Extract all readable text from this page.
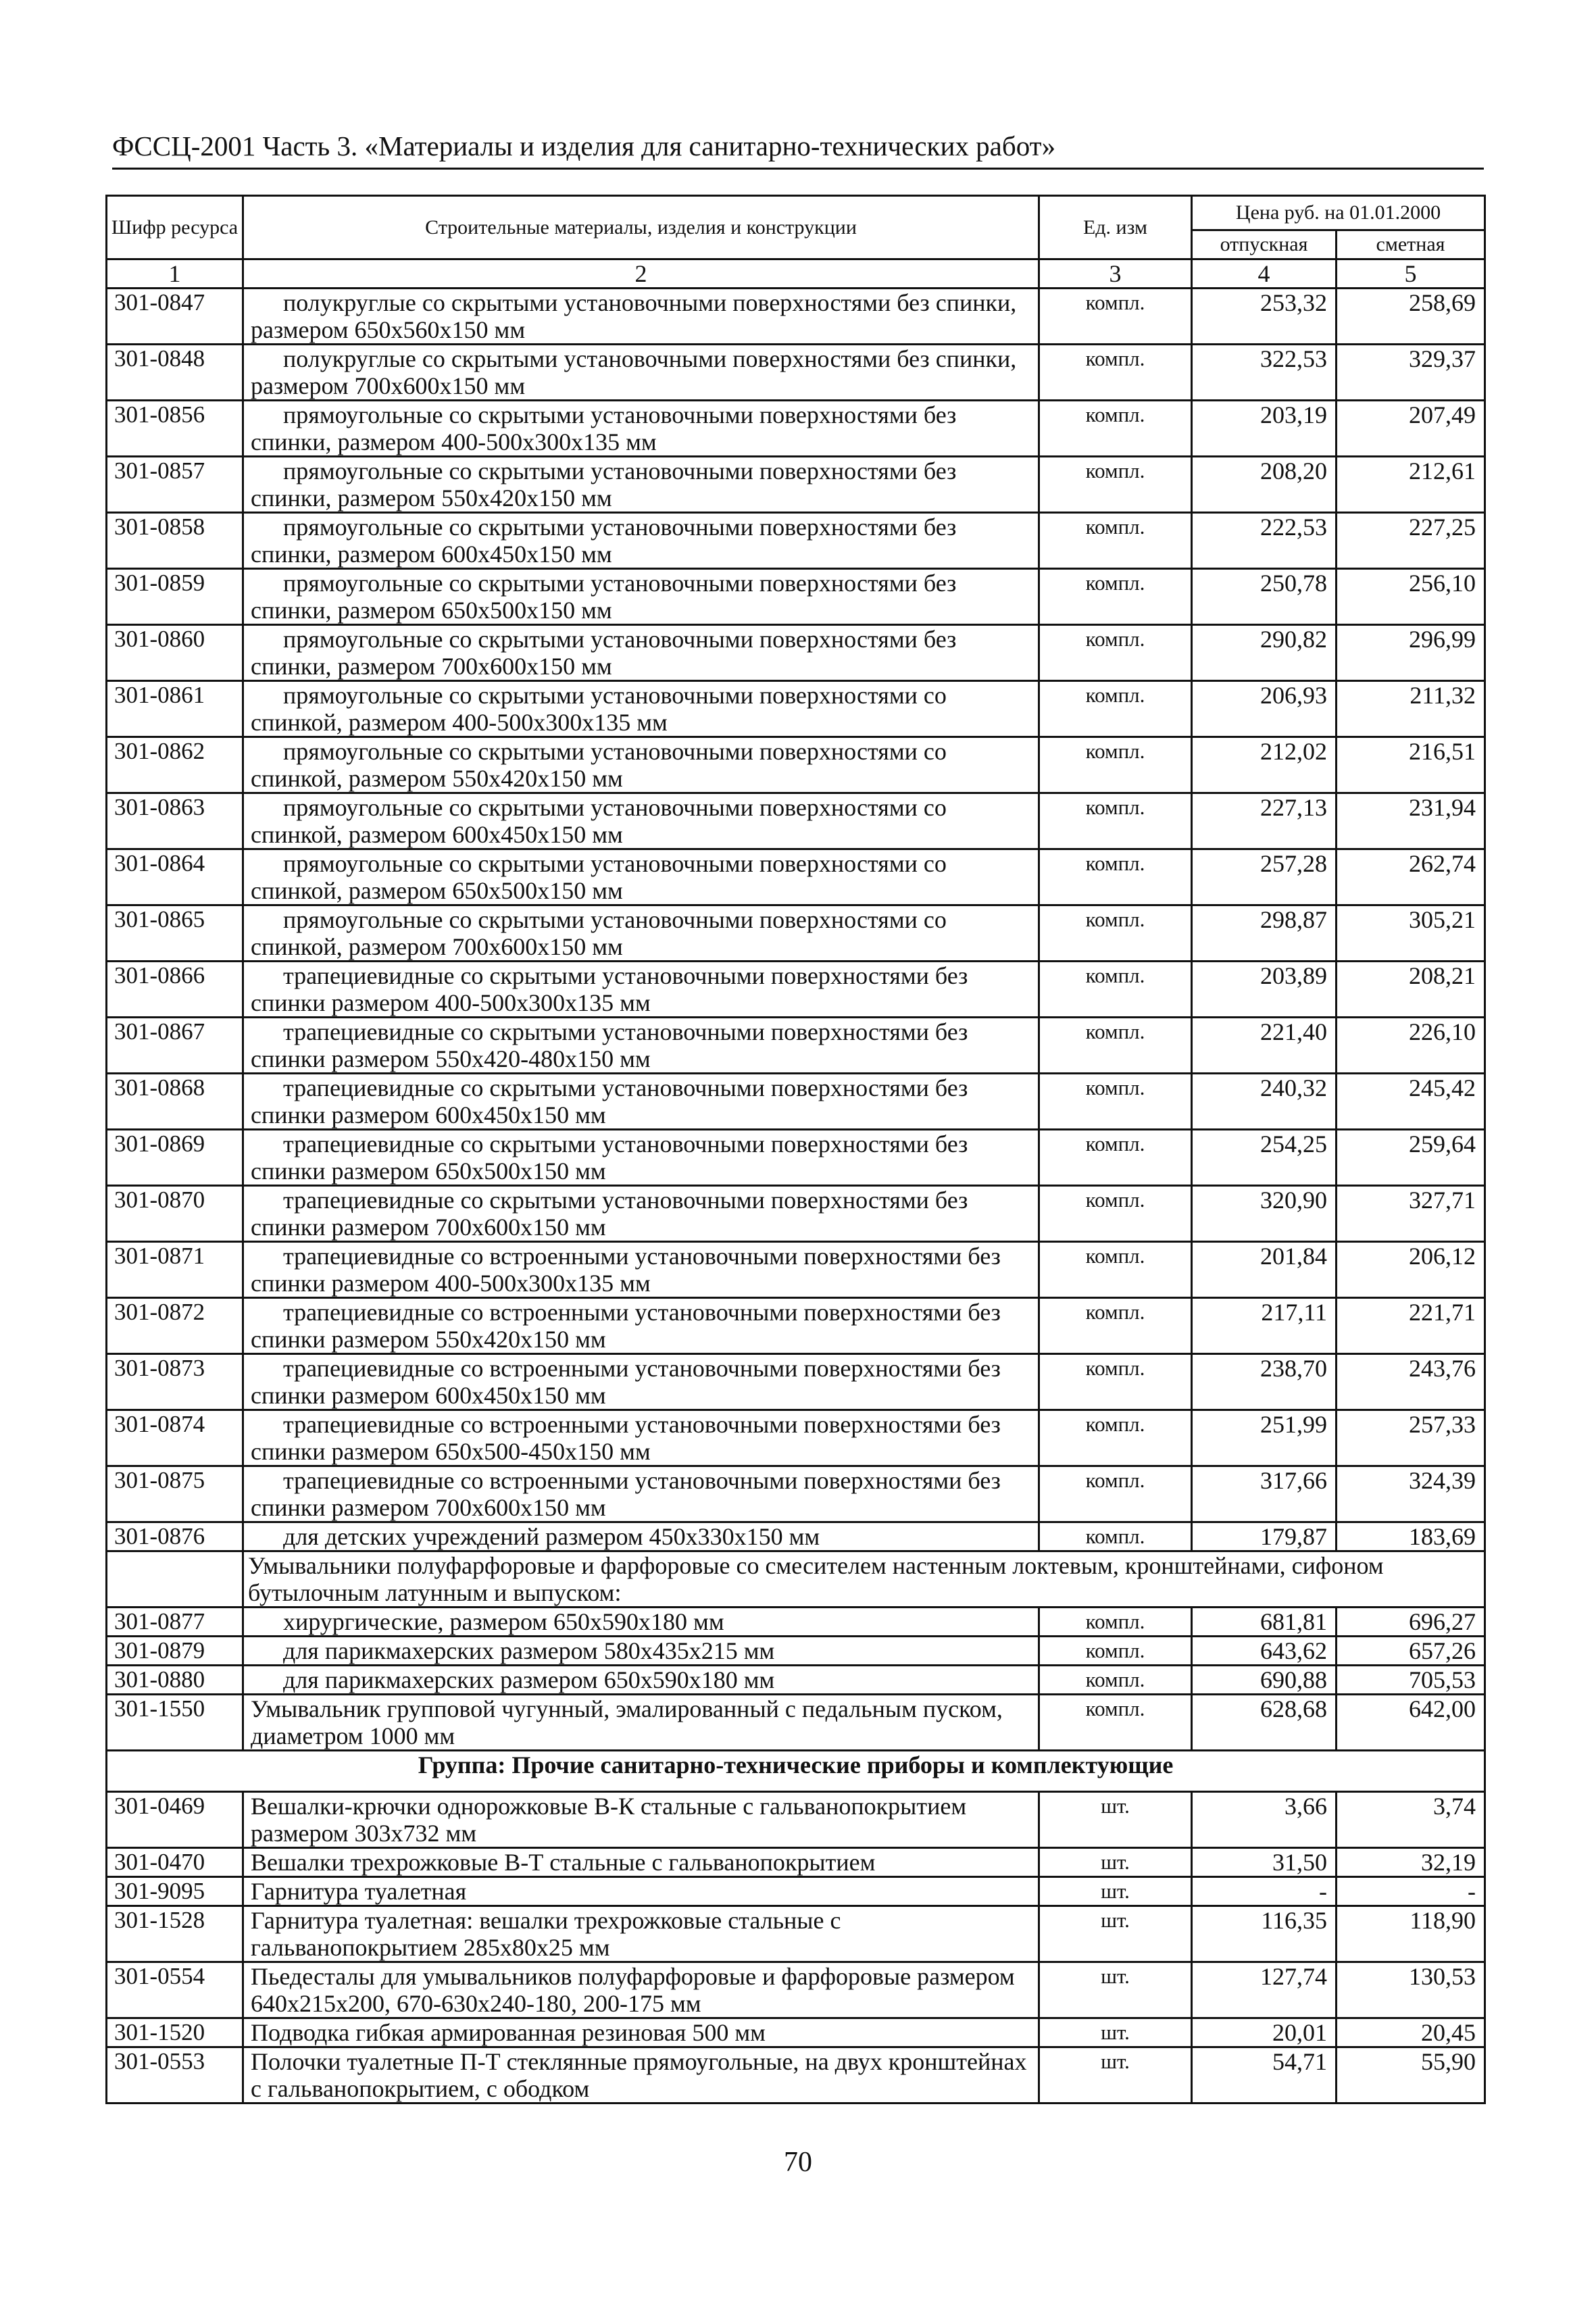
ФССЦ-2001 Часть 3. «Материалы и изделия для санитарно-технических работ»
Шифр ресурса	Строительные материалы, изделия и конструкции	Ед. изм	Цена руб. на 01.01.2000	
			отпускная	сметная
1	2	3	4	5
301-0847	полукруглые со скрытыми установочными поверхностями без спинки, размером 650х560х150 мм	компл.	253,32	258,69
301-0848	полукруглые со скрытыми установочными поверхностями без спинки, размером 700х600х150 мм	компл.	322,53	329,37
301-0856	прямоугольные со скрытыми установочными поверхностями без спинки, размером 400-500х300х135 мм	компл.	203,19	207,49
301-0857	прямоугольные со скрытыми установочными поверхностями без спинки, размером 550х420х150 мм	компл.	208,20	212,61
301-0858	прямоугольные со скрытыми установочными поверхностями без спинки, размером 600х450х150 мм	компл.	222,53	227,25
301-0859	прямоугольные со скрытыми установочными поверхностями без спинки, размером 650х500х150 мм	компл.	250,78	256,10
301-0860	прямоугольные со скрытыми установочными поверхностями без спинки, размером 700х600х150 мм	компл.	290,82	296,99
301-0861	прямоугольные со скрытыми установочными поверхностями со спинкой, размером 400-500х300х135 мм	компл.	206,93	211,32
301-0862	прямоугольные со скрытыми установочными поверхностями со спинкой, размером 550х420х150 мм	компл.	212,02	216,51
301-0863	прямоугольные со скрытыми установочными поверхностями со спинкой, размером 600х450х150 мм	компл.	227,13	231,94
301-0864	прямоугольные со скрытыми установочными поверхностями со спинкой, размером 650х500х150 мм	компл.	257,28	262,74
301-0865	прямоугольные со скрытыми установочными поверхностями со спинкой, размером 700х600х150 мм	компл.	298,87	305,21
301-0866	трапециевидные со скрытыми установочными поверхностями без спинки размером 400-500х300х135 мм	компл.	203,89	208,21
301-0867	трапециевидные со скрытыми установочными поверхностями без спинки размером 550х420-480х150 мм	компл.	221,40	226,10
301-0868	трапециевидные со скрытыми установочными поверхностями без спинки размером 600х450х150 мм	компл.	240,32	245,42
301-0869	трапециевидные со скрытыми установочными поверхностями без спинки размером 650х500х150 мм	компл.	254,25	259,64
301-0870	трапециевидные со скрытыми установочными поверхностями без спинки размером 700х600х150 мм	компл.	320,90	327,71
301-0871	трапециевидные со встроенными установочными поверхностями без спинки размером 400-500х300х135 мм	компл.	201,84	206,12
301-0872	трапециевидные со встроенными установочными поверхностями без спинки размером 550х420х150 мм	компл.	217,11	221,71
301-0873	трапециевидные со встроенными установочными поверхностями без спинки размером 600х450х150 мм	компл.	238,70	243,76
301-0874	трапециевидные со встроенными установочными поверхностями без спинки размером 650х500-450х150 мм	компл.	251,99	257,33
301-0875	трапециевидные со встроенными установочными поверхностями без спинки размером 700х600х150 мм	компл.	317,66	324,39
301-0876	для детских учреждений размером 450х330х150 мм	компл.	179,87	183,69
	Умывальники полуфарфоровые и фарфоровые со смесителем настенным локтевым, кронштейнами, сифоном бутылочным латунным и выпуском:			
301-0877	хирургические, размером 650х590х180 мм	компл.	681,81	696,27
301-0879	для парикмахерских размером 580х435х215 мм	компл.	643,62	657,26
301-0880	для парикмахерских размером 650х590х180 мм	компл.	690,88	705,53
301-1550	Умывальник групповой чугунный, эмалированный с педальным пуском, диаметром 1000 мм	компл.	628,68	642,00
Группа: Прочие санитарно-технические приборы и комплектующие				
301-0469	Вешалки-крючки однорожковые В-К стальные с гальванопокрытием размером 303х732 мм	шт.	3,66	3,74
301-0470	Вешалки трехрожковые В-Т стальные с гальванопокрытием	шт.	31,50	32,19
301-9095	Гарнитура туалетная	шт.	-	-
301-1528	Гарнитура туалетная: вешалки трехрожковые стальные с гальванопокрытием 285х80х25 мм	шт.	116,35	118,90
301-0554	Пьедесталы для умывальников полуфарфоровые и фарфоровые размером 640х215х200, 670-630х240-180, 200-175 мм	шт.	127,74	130,53
301-1520	Подводка гибкая армированная резиновая 500 мм	шт.	20,01	20,45
301-0553	Полочки туалетные П-Т стеклянные прямоугольные, на двух кронштейнах с гальванопокрытием, с ободком	шт.	54,71	55,90
70
